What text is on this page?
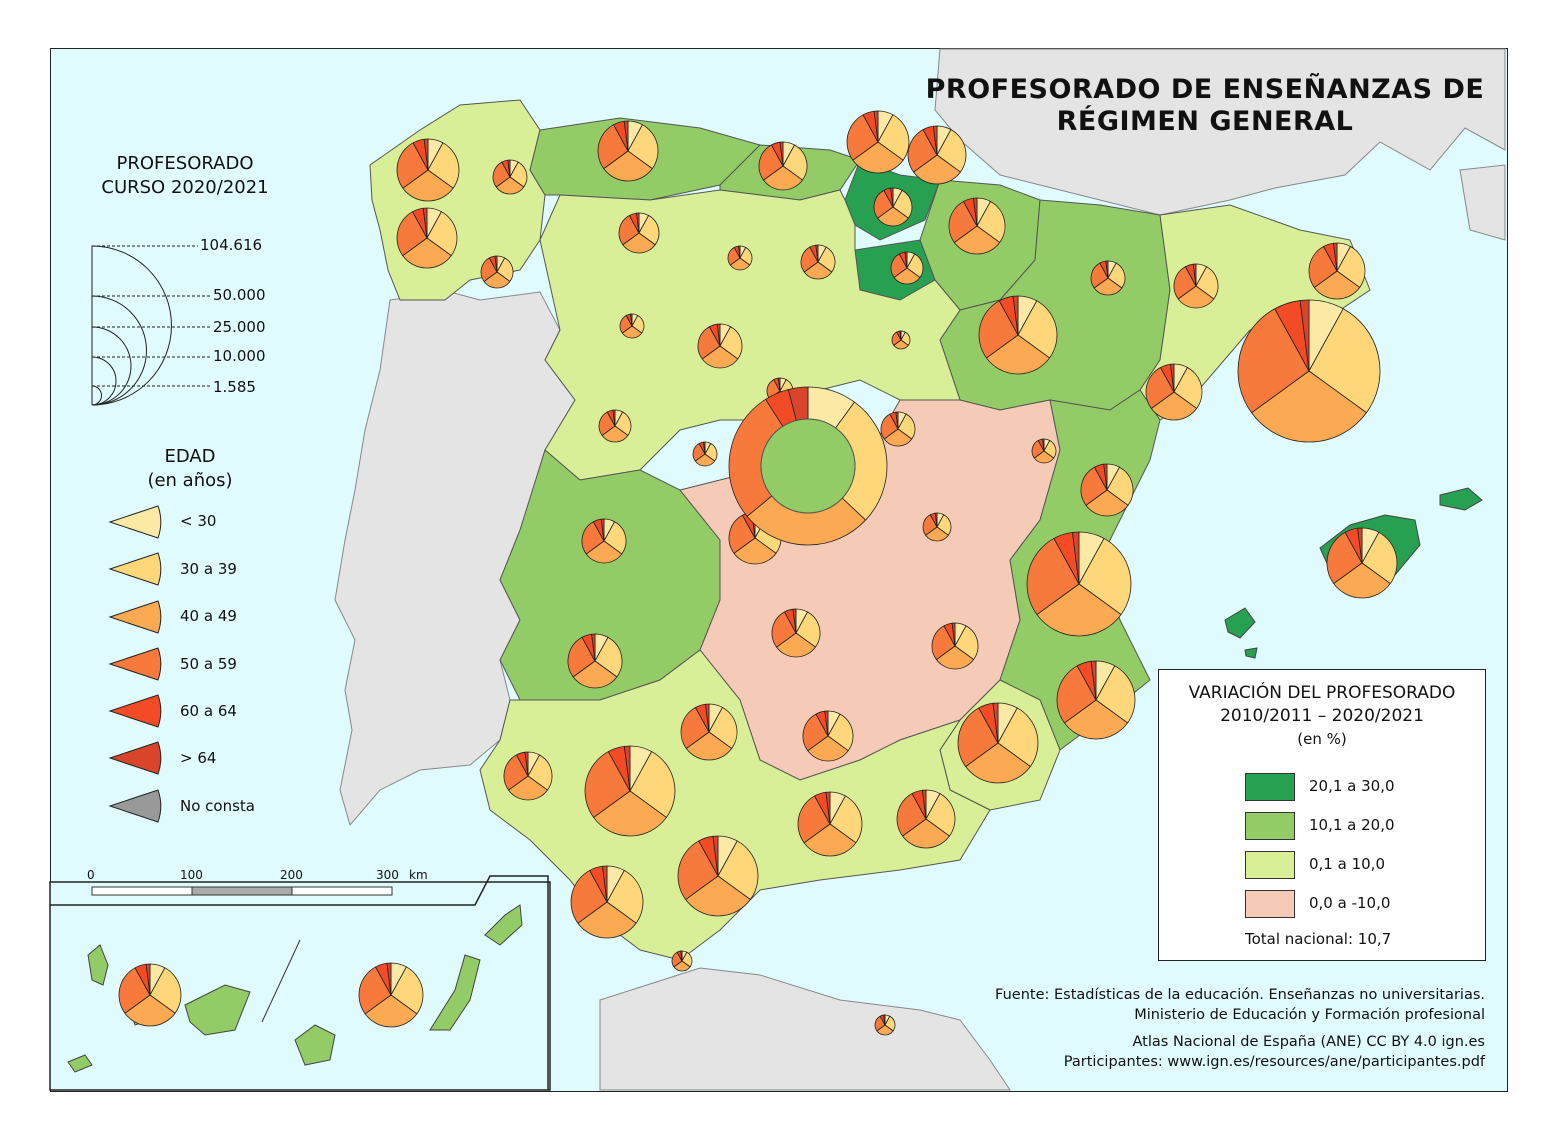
PROFESORADO DE ENSEÑANZAS DE
RÉGIMEN GENERAL
PROFESORADO
CURSO 2020/2021
104.616
50.000
25.000
10.000
1.585
EDAD
(en años)
< 30
30 a 39
40 a 49
50 a 59
60 a 64
> 64
No consta
0	100	200	300 km
VARIACIÓN DEL PROFESORADO
2010/2011 – 2020/2021
(en %)
20,1 a 30,0
10,1 a 20,0
0,1 a 10,0
0,0 a -10,0
Total nacional: 10,7
Fuente: Estadísticas de la educación. Enseñanzas no universitarias.
Ministerio de Educación y Formación profesional
Atlas Nacional de España (ANE) CC BY 4.0 ign.es
Participantes: www.ign.es/resources/ane/participantes.pdf
